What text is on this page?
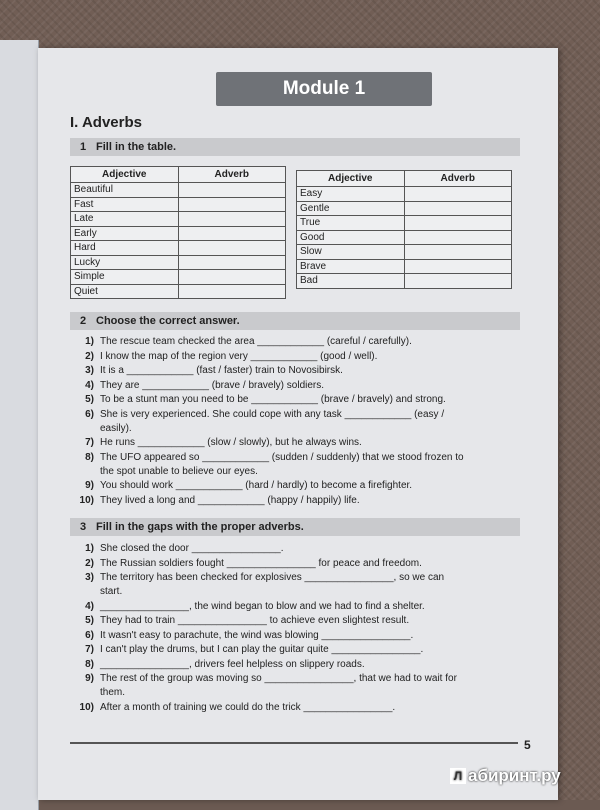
Module 1
I. Adverbs
1 Fill in the table.
Adjective	Adverb
Beautiful	
Fast	
Late	
Early	
Hard	
Lucky	
Simple	
Quiet	
Adjective	Adverb
Easy	
Gentle	
True	
Good	
Slow	
Brave	
Bad	
2 Choose the correct answer.
1) The rescue team checked the area ____________ (careful / carefully).
2) I know the map of the region very ____________ (good / well).
3) It is a ____________ (fast / faster) train to Novosibirsk.
4) They are ____________ (brave / bravely) soldiers.
5) To be a stunt man you need to be ____________ (brave / bravely) and strong.
6) She is very experienced. She could cope with any task ____________ (easy /
easily).
7) He runs ____________ (slow / slowly), but he always wins.
8) The UFO appeared so ____________ (sudden / suddenly) that we stood frozen to
the spot unable to believe our eyes.
9) You should work ____________ (hard / hardly) to become a firefighter.
10) They lived a long and ____________ (happy / happily) life.
3 Fill in the gaps with the proper adverbs.
1) She closed the door ________________.
2) The Russian soldiers fought ________________ for peace and freedom.
3) The territory has been checked for explosives ________________, so we can
start.
4) ________________, the wind began to blow and we had to find a shelter.
5) They had to train ________________ to achieve even slightest result.
6) It wasn't easy to parachute, the wind was blowing ________________.
7) I can't play the drums, but I can play the guitar quite ________________.
8) ________________, drivers feel helpless on slippery roads.
9) The rest of the group was moving so ________________, that we had to wait for
them.
10) After a month of training we could do the trick ________________.
5
Л абиринт.ру
